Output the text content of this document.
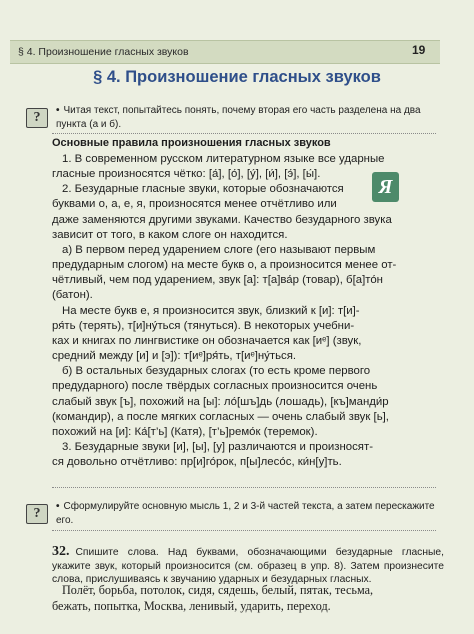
§ 4. Произношение гласных звуков	19
§ 4. Произношение гласных звуков
?	• Читая текст, попытайтесь понять, почему вторая его часть разделена на два пункта (а и б).
Основные правила произношения гласных звуков
Я

1. В современном русском литературном языке все ударные

гласные произносятся чётко: [а́], [о́], [у́], [и́], [э́], [ы́].

2. Безударные гласные звуки, которые обозначаются

буквами о, а, е, я, произносятся менее отчётливо или

даже заменяются другими звуками. Качество безударного звука

зависит от того, в каком слоге он находится.

а) В первом перед ударением слоге (его называют первым

предударным слогом) на месте букв о, а произносится менее от-

чётливый, чем под ударением, звук [а]: т[а]ва́р (товар), б[а]то́н

(батон).

На месте букв е, я произносится звук, близкий к [и]: т[и]-

ря́ть (терять), т[и]ну́ться (тянуться). В некоторых учебни-

ках и книгах по лингвистике он обозначается как [иᵉ] (звук,

средний между [и] и [э]): т[иᵉ]ря́ть, т[иᵉ]ну́ться.

б) В остальных безударных слогах (то есть кроме первого

предударного) после твёрдых согласных произносится очень

слабый звук [ъ], похожий на [ы]: ло́[шъ]дь (лошадь), [къ]манди́р

(командир), а после мягких согласных — очень слабый звук [ь],

похожий на [и]: Ка́[т’ь] (Катя), [т’ь]ремо́к (теремок).

3. Безударные звуки [и], [ы], [у] различаются и произносят-

ся довольно отчётливо: пр[и]го́рок, п[ы]лесо́с, ки́н[у]ть.

?	• Сформулируйте основную мысль 1, 2 и 3-й частей текста, а затем перескажите его.
32. Спишите слова. Над буквами, обозначающими безударные гласные, укажите звук, который произносится (см. образец в упр. 8). Затем произнесите слова, прислушиваясь к звучанию ударных и безударных гласных.

Полёт, борьба, потолок, сидя, сядешь, белый, пятак, тесьма,

бежать, попытка, Москва, ленивый, ударить, переход.
